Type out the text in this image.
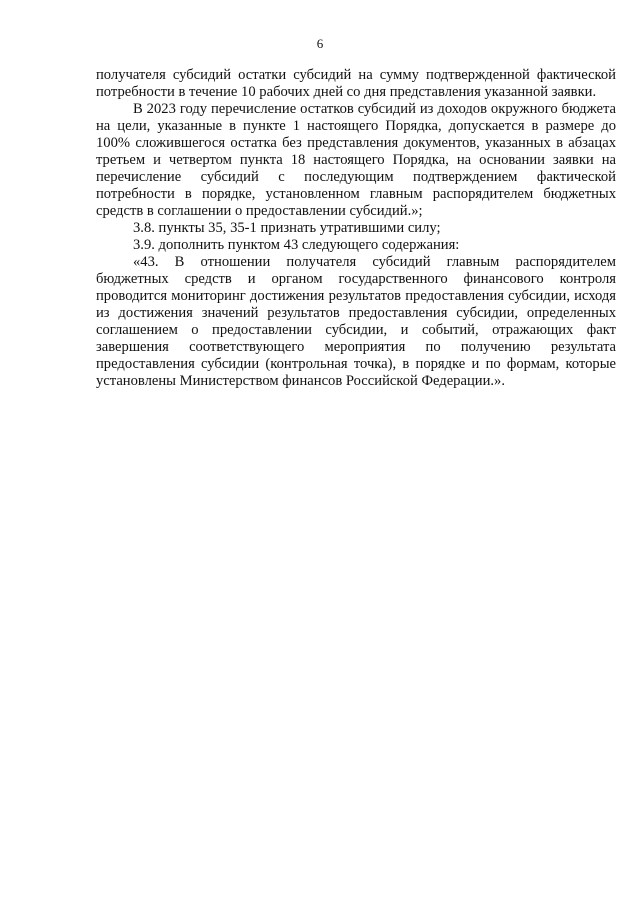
6

получателя субсидий остатки субсидий на сумму подтвержденной фактической потребности в течение 10 рабочих дней со дня представления указанной заявки.

В 2023 году перечисление остатков субсидий из доходов окружного бюджета на цели, указанные в пункте 1 настоящего Порядка, допускается в размере до 100% сложившегося остатка без представления документов, указанных в абзацах третьем и четвертом пункта 18 настоящего Порядка, на основании заявки на перечисление субсидий с последующим подтверждением фактической потребности в порядке, установленном главным распорядителем бюджетных средств в соглашении о предоставлении субсидий.»;

3.8. пункты 35, 35-1 признать утратившими силу;

3.9. дополнить пунктом 43 следующего содержания:

«43. В отношении получателя субсидий главным распорядителем бюджетных средств и органом государственного финансового контроля проводится мониторинг достижения результатов предоставления субсидии, исходя из достижения значений результатов предоставления субсидии, определенных соглашением о предоставлении субсидии, и событий, отражающих факт завершения соответствующего мероприятия по получению результата предоставления субсидии (контрольная точка), в порядке и по формам, которые установлены Министерством финансов Российской Федерации.».
